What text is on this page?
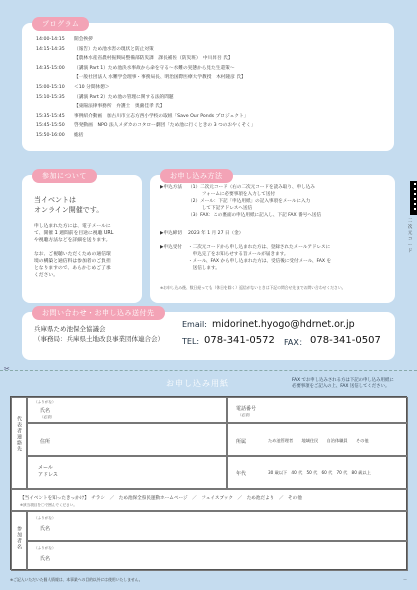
プログラム
14:00-14:15 開会挨拶
14:15-14:35 （報告）ため池水害の現状と防止対策
【農林水産省農村振興局整備部防災課　課長補佐（防災班）　中川昇吾 氏】
14:35-15:00 （講演 Part 1）ため池決水事故から命を守る〜水難の実態から見た生還策〜
【一般社団法人 水難学会理事・事務局長、明治国際医療大学教授　木村隆彦 氏】
15:00-15:10 ＜10 分間休憩＞
15:10-15:35 （講演 Part 2）ため池の管理に関する法的問題
【東陽法律事務所　弁護士　奥薗佳孝 氏】
15:35-15:45 事例紹介動画　加古川市立志方西小学校の取組「Save Our Ponds プロジェクト」
15:45-15:50 啓発動画　NPO 法人メダカのコタロー劇団「ため池に行くときの 3 つのおやくそく」
15:50-16:00 総括
参加について
当イベントは
オンライン開催です。
申し込まれた方には、電子メールに
て、開催 1 週間前を目途に視聴 URL
や視聴方法などを詳細を送ります。
なお、ご視聴いただくための通信環
境の構築と通信料は参加者のご負担
となりますので、あらかじめご了承
ください。
お申し込み方法
▶申込方法 （1）二次元コード（右の二次元コードを読み取り、申し込み
　　　フォームに必要事項を入力して送付
（2）メール：下記「申込用紙」の記入事項をメールに入力
　　　して下記アドレスへ送信
（3）FAX：この裏面の申込用紙に記入し、下記 FAX 番号へ送信
▶申込締切 2023 年 1 月 27 日（金）
▶申込受付 ・二次元コードから申し込まれた方は、登録されたメールアドレスに
　申込完了をお知らせする旨メールが届きます。
・メール、FAX から申し込まれた方は、受信後に受付メール、FAX を
　送信します。
※お申し込み後、数日経っても（休日を除く）返信がないときは下記の問合せ先までお問い合わせください。
二次元コード
お問い合わせ・お申し込み送付先
兵庫県ため池保全協議会
（事務局：兵庫県土地改良事業団体連合会）
Email: midorinet.hyogo@hdrnet.or.jp
TEL: 078-341-0572 FAX： 078-341-0507
✂
お申し込み用紙	FAX でお申し込みされる方は下記の申し込み用紙に
必要事項をご記入の上、FAX 送信してください。
代表者連絡先
（ふりがな）
氏名
（必須）
電話番号
（必須）
住所	所属	ため池管理者　　地域住民　　自治体職員　　その他
メール
アドレス	年代	30 歳以下　40 代　50 代　60 代　70 代　80 歳以上
【当イベントを知ったきっかけ】　チラシ　／　ため池保全県民運動ホームページ　／　フェイスブック　／　ため池だより　／　その他
※該当項目を〇で囲んでください。
参加者名
（ふりがな）
氏名
（ふりがな）
氏名
※ご記入いただいた個人情報は、本事業への目的以外には使用いたしません。	ー
